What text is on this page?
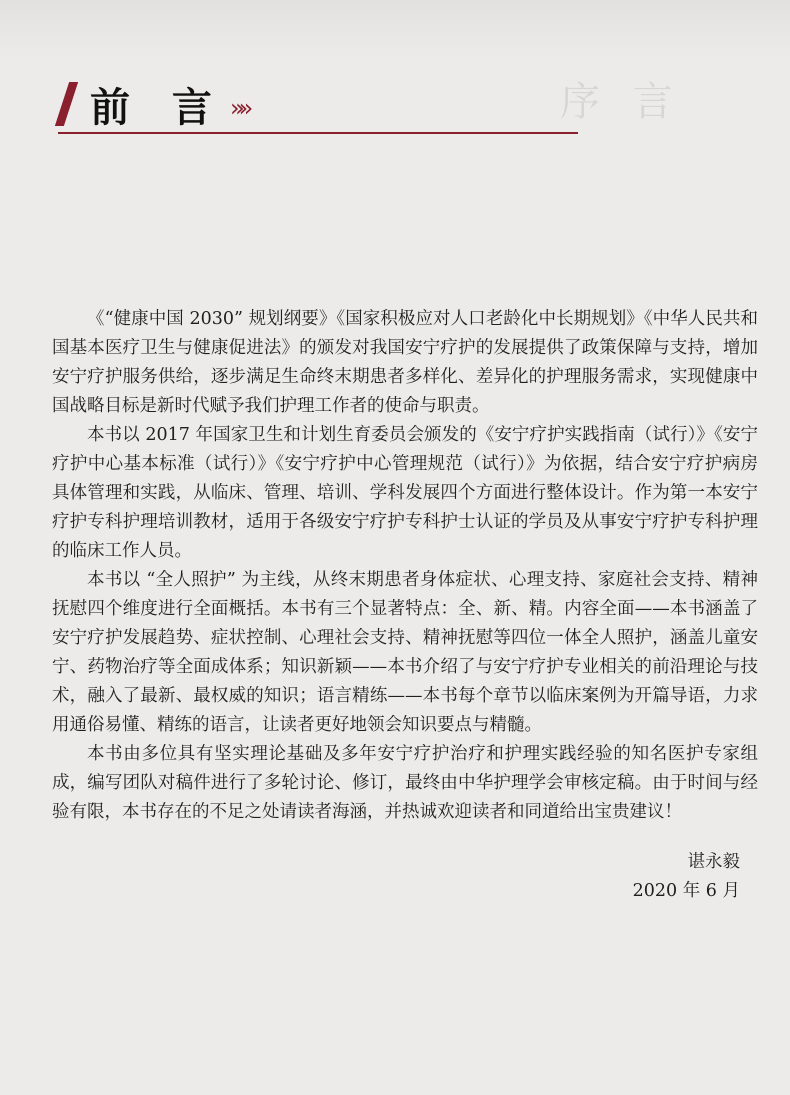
序 言
前 言 »»

《“健康中国 2030” 规划纲要》《国家积极应对人口老龄化中长期规划》《中华人民共和国基本医疗卫生与健康促进法》的颁发对我国安宁疗护的发展提供了政策保障与支持，增加安宁疗护服务供给，逐步满足生命终末期患者多样化、差异化的护理服务需求，实现健康中国战略目标是新时代赋予我们护理工作者的使命与职责。

本书以 2017 年国家卫生和计划生育委员会颁发的《安宁疗护实践指南（试行）》《安宁疗护中心基本标准（试行）》《安宁疗护中心管理规范（试行）》为依据，结合安宁疗护病房具体管理和实践，从临床、管理、培训、学科发展四个方面进行整体设计。作为第一本安宁疗护专科护理培训教材，适用于各级安宁疗护专科护士认证的学员及从事安宁疗护专科护理的临床工作人员。

本书以 “全人照护” 为主线，从终末期患者身体症状、心理支持、家庭社会支持、精神抚慰四个维度进行全面概括。本书有三个显著特点：全、新、精。内容全面——本书涵盖了安宁疗护发展趋势、症状控制、心理社会支持、精神抚慰等四位一体全人照护，涵盖儿童安宁、药物治疗等全面成体系；知识新颖——本书介绍了与安宁疗护专业相关的前沿理论与技术，融入了最新、最权威的知识；语言精练——本书每个章节以临床案例为开篇导语，力求用通俗易懂、精练的语言，让读者更好地领会知识要点与精髓。

本书由多位具有坚实理论基础及多年安宁疗护治疗和护理实践经验的知名医护专家组成，编写团队对稿件进行了多轮讨论、修订，最终由中华护理学会审核定稿。由于时间与经验有限，本书存在的不足之处请读者海涵，并热诚欢迎读者和同道给出宝贵建议！

谌永毅
2020 年 6 月
